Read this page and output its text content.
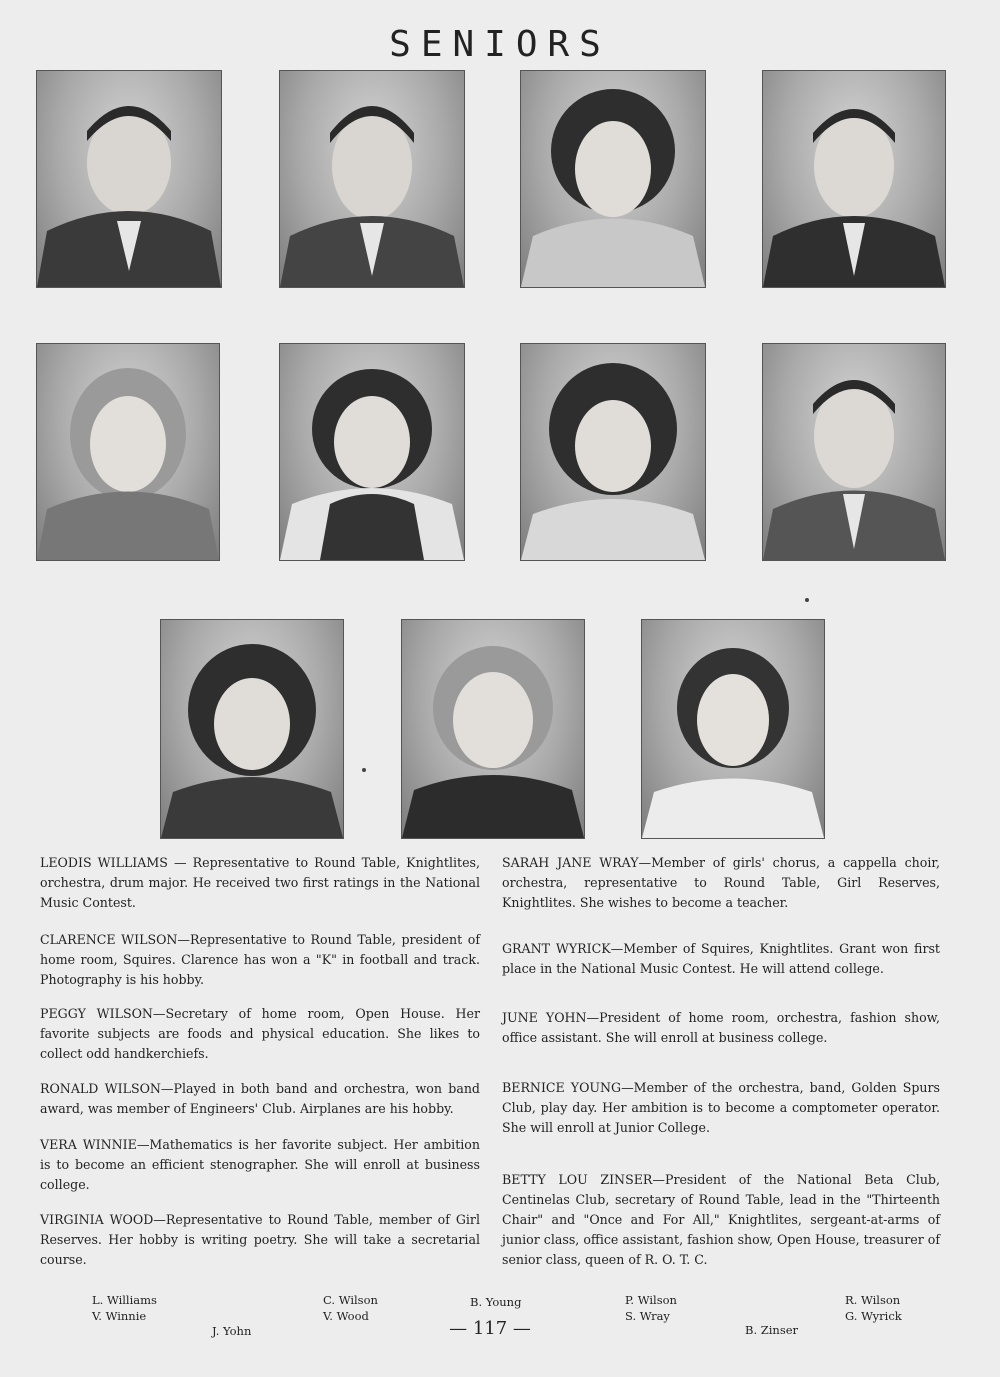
SENIORS

LEODIS WILLIAMS — Representative to Round Table, Knightlites, orchestra, drum major. He received two first ratings in the National Music Contest.

CLARENCE WILSON—Representative to Round Table, president of home room, Squires. Clarence has won a "K" in football and track. Photography is his hobby.

PEGGY WILSON—Secretary of home room, Open House. Her favorite subjects are foods and physical education. She likes to collect odd handkerchiefs.

RONALD WILSON—Played in both band and orchestra, won band award, was member of Engineers' Club. Airplanes are his hobby.

VERA WINNIE—Mathematics is her favorite subject. Her ambition is to become an efficient stenographer. She will enroll at business college.

VIRGINIA WOOD—Representative to Round Table, member of Girl Reserves. Her hobby is writing poetry. She will take a secretarial course.

SARAH JANE WRAY—Member of girls' chorus, a cappella choir, orchestra, representative to Round Table, Girl Reserves, Knightlites. She wishes to become a teacher.

GRANT WYRICK—Member of Squires, Knightlites. Grant won first place in the National Music Contest. He will attend college.

JUNE YOHN—President of home room, orchestra, fashion show, office assistant. She will enroll at business college.

BERNICE YOUNG—Member of the orchestra, band, Golden Spurs Club, play day. Her ambition is to become a comptometer operator. She will enroll at Junior College.

BETTY LOU ZINSER—President of the National Beta Club, Centinelas Club, secretary of Round Table, lead in the "Thirteenth Chair" and "Once and For All," Knightlites, sergeant-at-arms of junior class, office assistant, fashion show, Open House, treasurer of senior class, queen of R. O. T. C.

L. Williams
V. Winnie
J. Yohn
C. Wilson
V. Wood
B. Young	P. Wilson
S. Wray
B. Zinser
R. Wilson
G. Wyrick
— 117 —
